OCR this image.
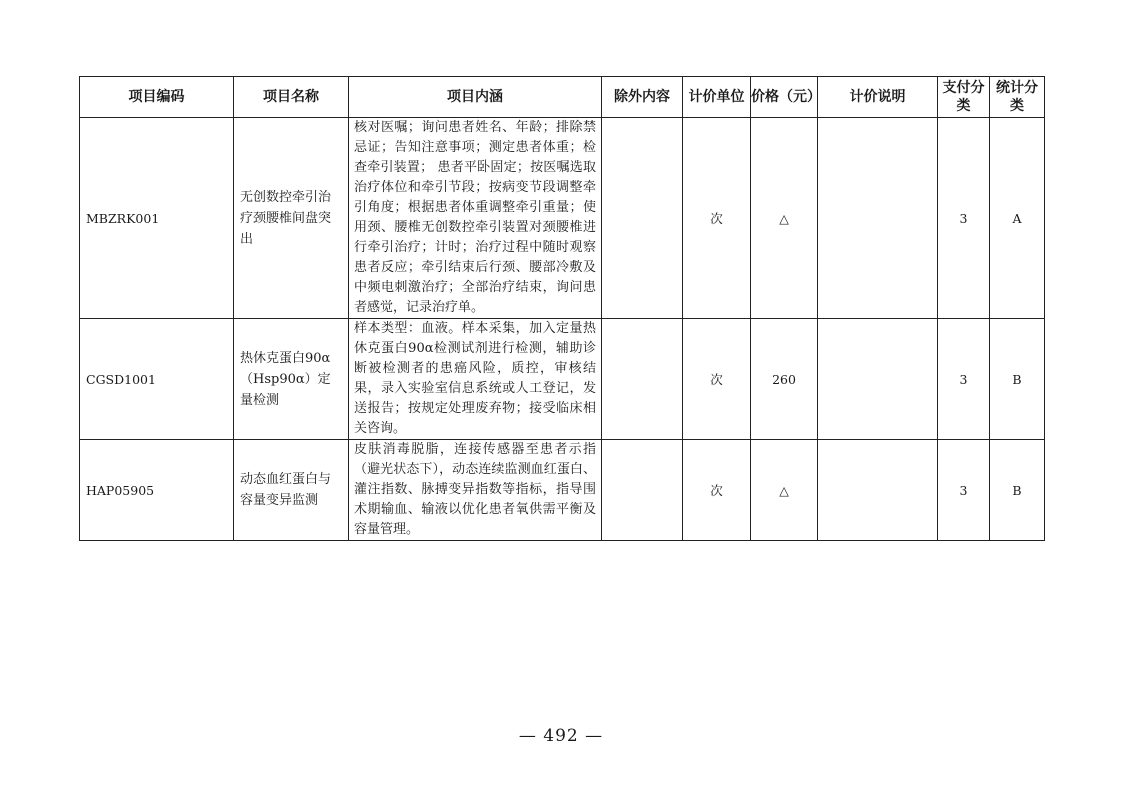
项目编码	项目名称	项目内涵	除外内容	计价单位	价格（元）	计价说明	支付分类	统计分类
MBZRK001	无创数控牵引治疗颈腰椎间盘突出	核对医嘱；询问患者姓名、年龄；排除禁忌证；告知注意事项；测定患者体重；检查牵引装置； 患者平卧固定；按医嘱选取治疗体位和牵引节段；按病变节段调整牵引角度；根据患者体重调整牵引重量；使用颈、腰椎无创数控牵引装置对颈腰椎进行牵引治疗；计时；治疗过程中随时观察患者反应；牵引结束后行颈、腰部冷敷及中频电刺激治疗；全部治疗结束，询问患者感觉，记录治疗单。		次	△		3	A
CGSD1001	热休克蛋白90α（Hsp90α）定量检测	样本类型：血液。样本采集，加入定量热休克蛋白90α检测试剂进行检测，辅助诊断被检测者的患癌风险，质控，审核结果，录入实验室信息系统或人工登记，发送报告；按规定处理废弃物；接受临床相关咨询。		次	260		3	B
HAP05905	动态血红蛋白与容量变异监测	皮肤消毒脱脂，连接传感器至患者示指（避光状态下），动态连续监测血红蛋白、灌注指数、脉搏变异指数等指标，指导围术期输血、输液以优化患者氧供需平衡及容量管理。		次	△		3	B
— 492 —
